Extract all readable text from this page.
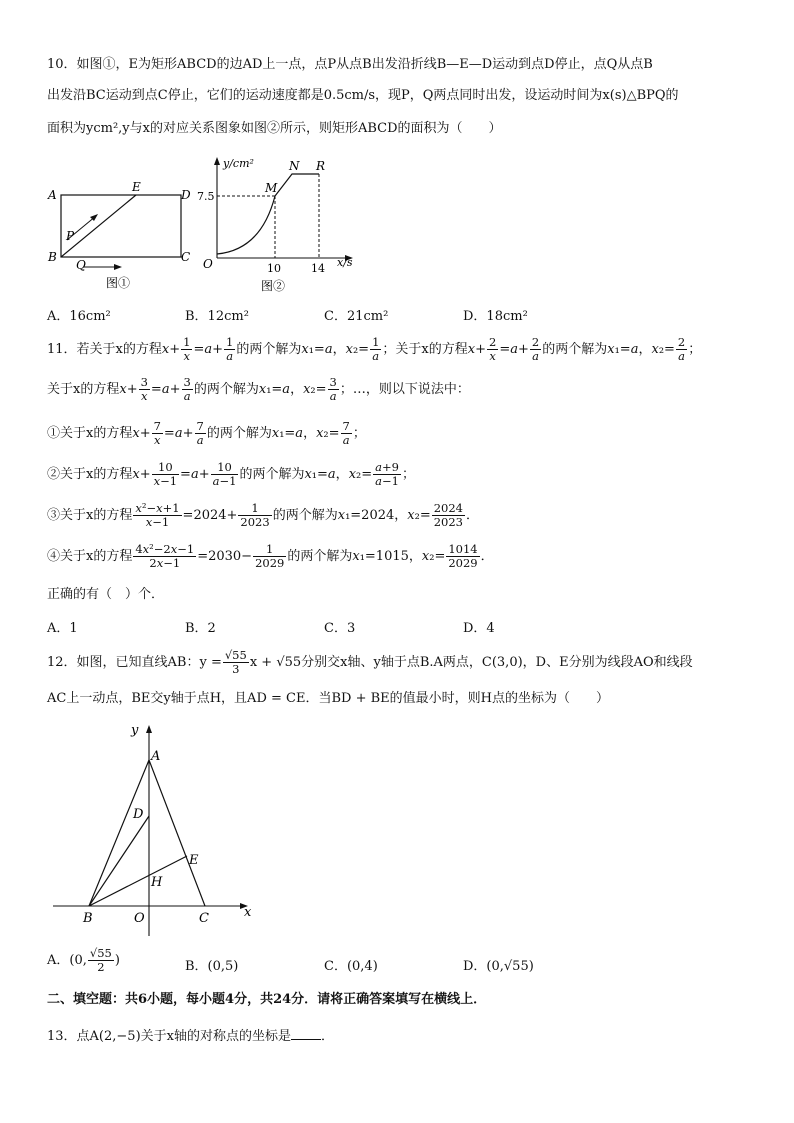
10．如图①，E为矩形ABCD的边AD上一点，点P从点B出发沿折线B—E—D运动到点D停止，点Q从点B
出发沿BC运动到点C停止，它们的运动速度都是0.5cm/s，现P，Q两点同时出发，设运动时间为x(s)△BPQ的
面积为ycm²,y与x的对应关系图象如图②所示，则矩形ABCD的面积为（　　）
A
B	C
D
E
P
Q
图①
y/cm²
x/s
O
7.5
10	14
M
N R
图②
A．16cm²	B．12cm²	C．21cm²	D．18cm²
11．若关于x的方程$x+ \frac{1}{x} =a+ \frac{1}{a}$ 的两个解为x₁=a，$x_2= \frac{1}{a}$ ；关于x的方程$x+ \frac{2}{x} =a+ \frac{2}{a}$ 的两个解为x₁=a，$x_2= \frac{2}{a}$ ；
关于x的方程$x+ \frac{3}{x} =a+ \frac{3}{a}$ 的两个解为x₁=a，$x_2= \frac{3}{a}$ ；…，则以下说法中：
①关于x的方程$x+ \frac{7}{x} =a+ \frac{7}{a}$ 的两个解为x₁=a，$x_2= \frac{7}{a}$ ；
②关于x的方程$x+ \frac{10}{x-1} =a+ \frac{10}{a-1}$ 的两个解为x₁=a，$x_2= \frac{a+9}{a-1}$ ；
③关于x的方程 $\frac{\text{x²−x+1}}{x-1} =2024+ \frac{1}{2023}$ 的两个解为x₁=2024，$x_2= \frac{2024}{2023}$ ．
④关于x的方程 $\frac{\text{4x²−2x−1}}{2x-1} =2030- \frac{1}{2029}$ 的两个解为x₁=1015，$x_2= \frac{1014}{2029}$ ．
正确的有（　）个．
A．1	B．2	C．3	D．4
12．如图，已知直线AB：$y = \frac{√55}{3}$ x + √55分别交x轴、y轴于点B.A两点，C(3,0)，D、E分别为线段AO和线段
AC上一动点，BE交y轴于点H，且AD = CE．当BD + BE的值最小时，则H点的坐标为（　　）
y
x
A
B	C
D
E
H
O
A．(0, $\frac{√55}{2}$ )	B．(0,5)	C．(0,4)	D．(0,√55)
二、填空题：共6小题，每小题4分，共24分．请将正确答案填写在横线上．
13．点A(2,−5)关于x轴的对称点的坐标是 ．
